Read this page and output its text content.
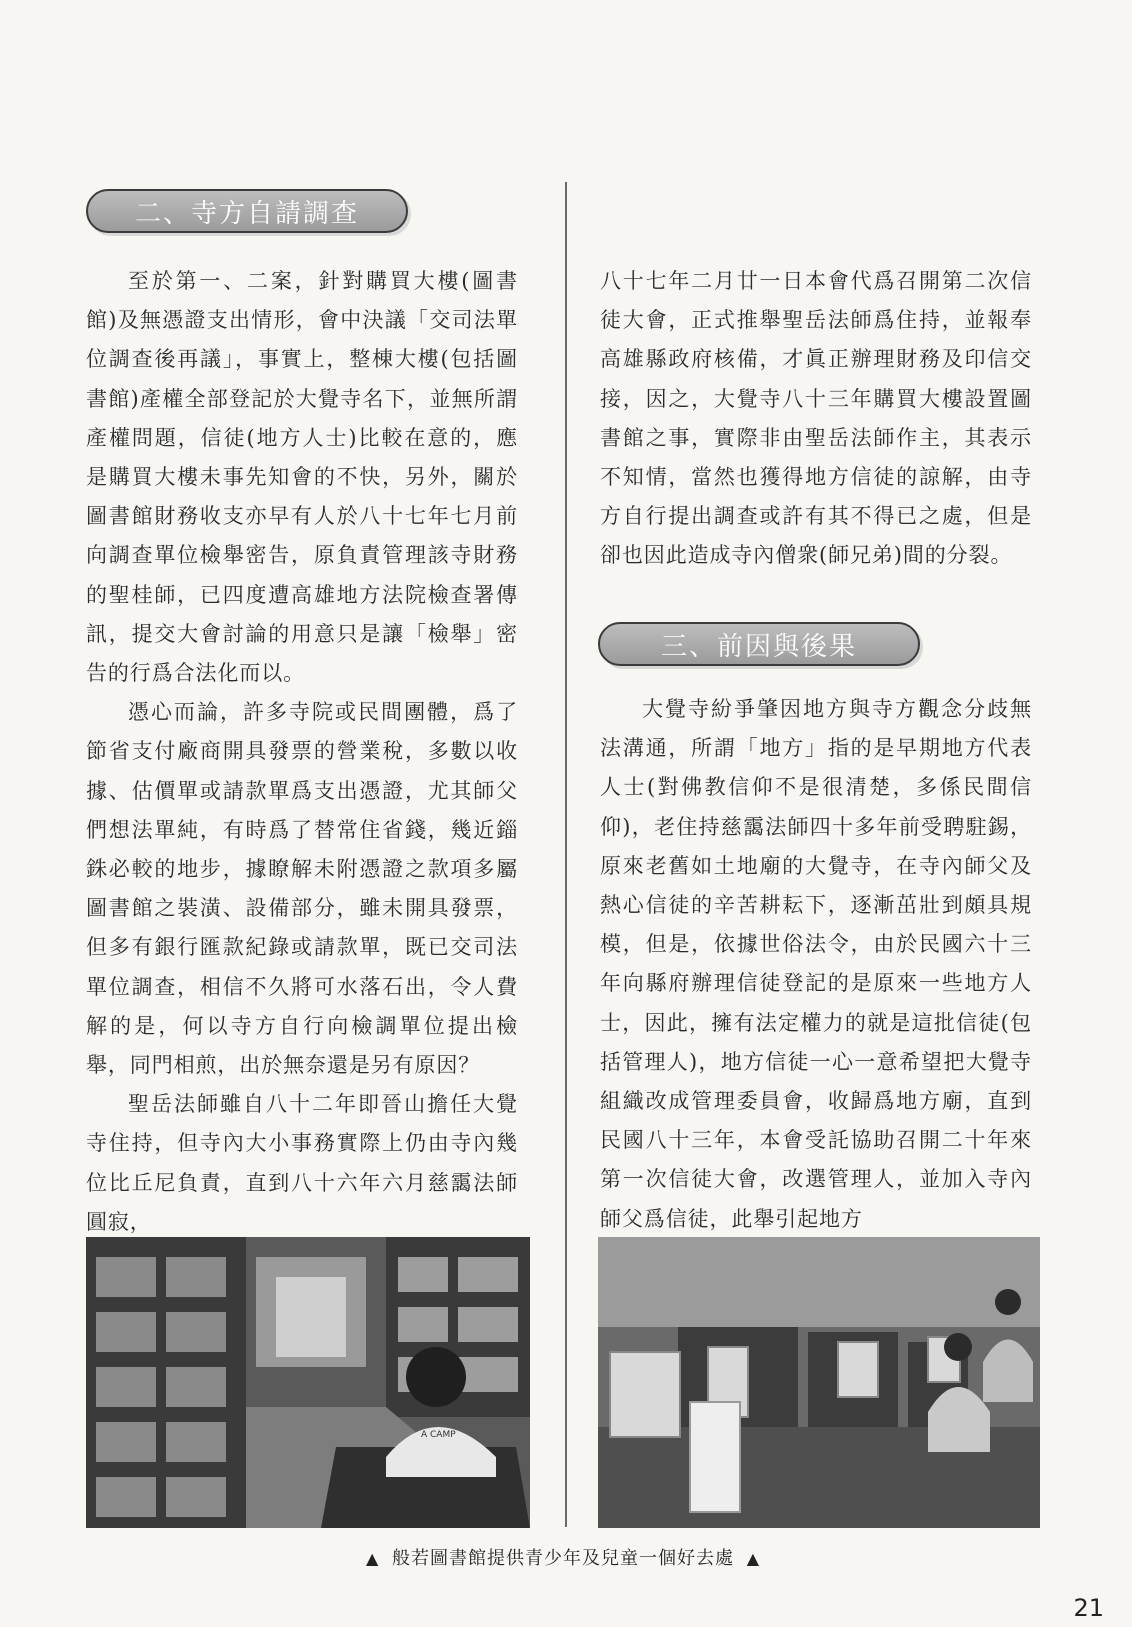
二、寺方自請調查

至於第一、二案，針對購買大樓(圖書館)及無憑證支出情形，會中決議「交司法單位調查後再議」，事實上，整棟大樓(包括圖書館)產權全部登記於大覺寺名下，並無所謂產權問題，信徒(地方人士)比較在意的，應是購買大樓未事先知會的不快，另外，關於圖書館財務收支亦早有人於八十七年七月前向調查單位檢舉密告，原負責管理該寺財務的聖桂師，已四度遭高雄地方法院檢查署傳訊，提交大會討論的用意只是讓「檢舉」密告的行爲合法化而以。

憑心而論，許多寺院或民間團體，爲了節省支付廠商開具發票的營業稅，多數以收據、估價單或請款單爲支出憑證，尤其師父們想法單純，有時爲了替常住省錢，幾近錙銖必較的地步，據瞭解未附憑證之款項多屬圖書館之裝潢、設備部分，雖未開具發票，但多有銀行匯款紀錄或請款單，既已交司法單位調查，相信不久將可水落石出，令人費解的是，何以寺方自行向檢調單位提出檢舉，同門相煎，出於無奈還是另有原因？

聖岳法師雖自八十二年即晉山擔任大覺寺住持，但寺內大小事務實際上仍由寺內幾位比丘尼負責，直到八十六年六月慈靄法師圓寂，

八十七年二月廿一日本會代爲召開第二次信徒大會，正式推舉聖岳法師爲住持，並報奉高雄縣政府核備，才眞正辦理財務及印信交接，因之，大覺寺八十三年購買大樓設置圖書館之事，實際非由聖岳法師作主，其表示不知情，當然也獲得地方信徒的諒解，由寺方自行提出調查或許有其不得已之處，但是卻也因此造成寺內僧衆(師兄弟)間的分裂。

三、前因與後果

大覺寺紛爭肇因地方與寺方觀念分歧無法溝通，所謂「地方」指的是早期地方代表人士(對佛教信仰不是很清楚，多係民間信仰)，老住持慈靄法師四十多年前受聘駐錫，原來老舊如土地廟的大覺寺，在寺內師父及熱心信徒的辛苦耕耘下，逐漸茁壯到頗具規模，但是，依據世俗法令，由於民國六十三年向縣府辦理信徒登記的是原來一些地方人士，因此，擁有法定權力的就是這批信徒(包括管理人)，地方信徒一心一意希望把大覺寺組織改成管理委員會，收歸爲地方廟，直到民國八十三年，本會受託協助召開二十年來第一次信徒大會，改選管理人，並加入寺內師父爲信徒，此舉引起地方

A CAMP
▲ 般若圖書館提供青少年及兒童一個好去處 ▲
21
